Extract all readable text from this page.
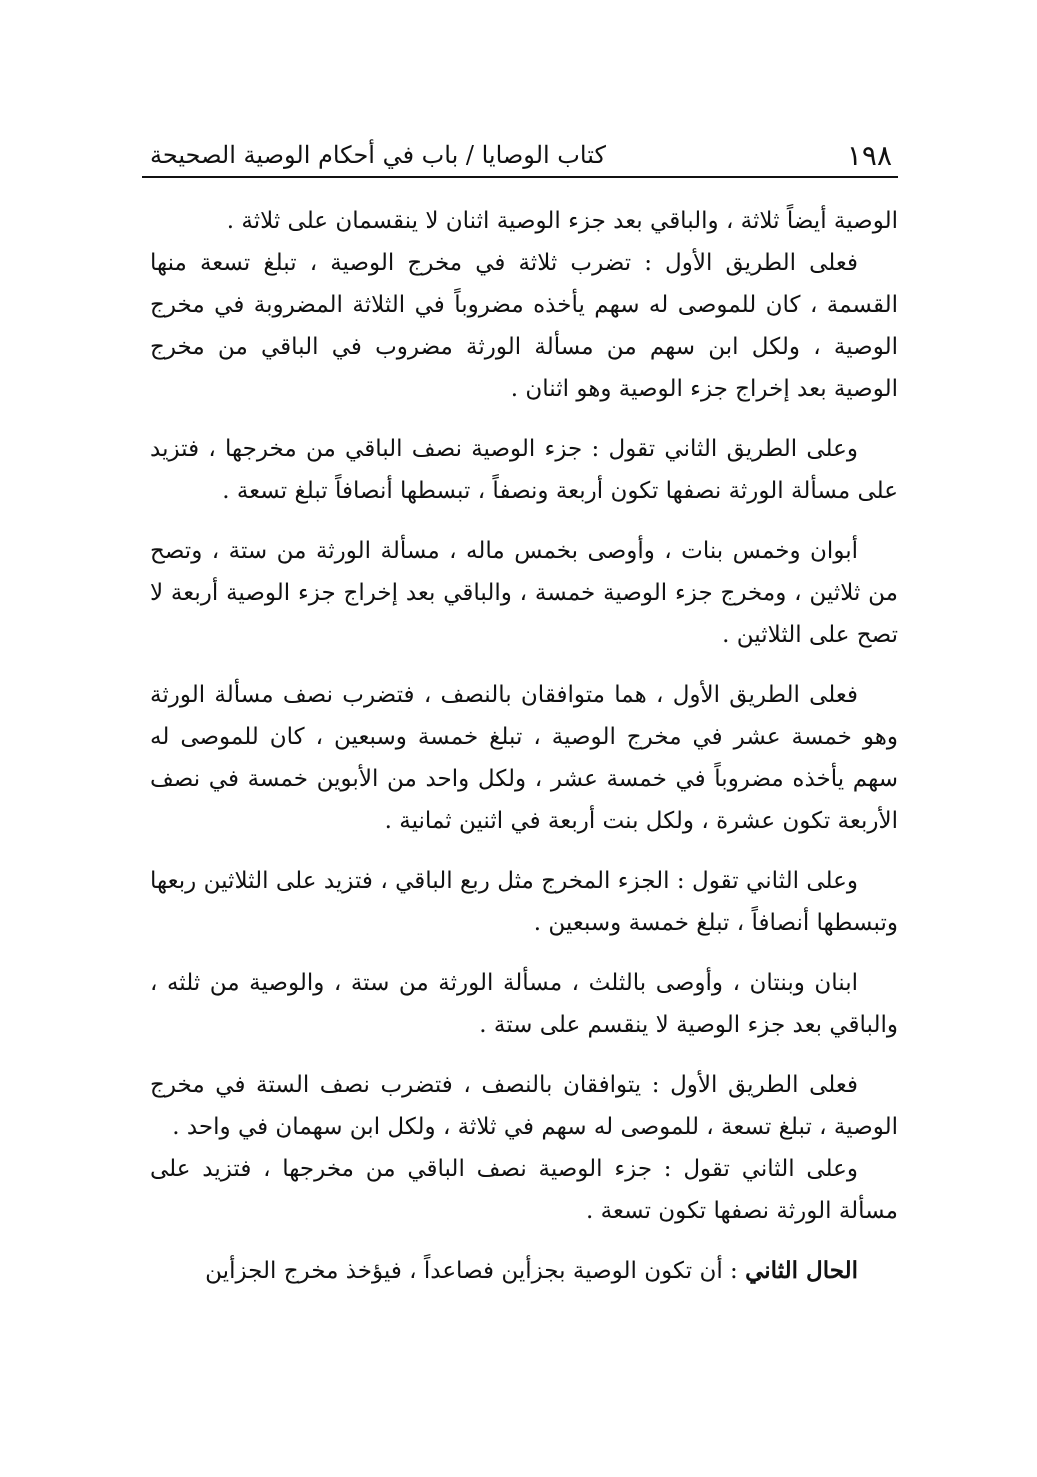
١٩٨
كتاب الوصايا / باب في أحكام الوصية الصحيحة

الوصية أيضاً ثلاثة ، والباقي بعد جزء الوصية اثنان لا ينقسمان على ثلاثة .

فعلى الطريق الأول : تضرب ثلاثة في مخرج الوصية ، تبلغ تسعة منها القسمة ، كان للموصى له سهم يأخذه مضروباً في الثلاثة المضروبة في مخرج الوصية ، ولكل ابن سهم من مسألة الورثة مضروب في الباقي من مخرج الوصية بعد إخراج جزء الوصية وهو اثنان .

وعلى الطريق الثاني تقول : جزء الوصية نصف الباقي من مخرجها ، فتزيد على مسألة الورثة نصفها تكون أربعة ونصفاً ، تبسطها أنصافاً تبلغ تسعة .

أبوان وخمس بنات ، وأوصى بخمس ماله ، مسألة الورثة من ستة ، وتصح من ثلاثين ، ومخرج جزء الوصية خمسة ، والباقي بعد إخراج جزء الوصية أربعة لا تصح على الثلاثين .

فعلى الطريق الأول ، هما متوافقان بالنصف ، فتضرب نصف مسألة الورثة وهو خمسة عشر في مخرج الوصية ، تبلغ خمسة وسبعين ، كان للموصى له سهم يأخذه مضروباً في خمسة عشر ، ولكل واحد من الأبوين خمسة في نصف الأربعة تكون عشرة ، ولكل بنت أربعة في اثنين ثمانية .

وعلى الثاني تقول : الجزء المخرج مثل ربع الباقي ، فتزيد على الثلاثين ربعها وتبسطها أنصافاً ، تبلغ خمسة وسبعين .

ابنان وبنتان ، وأوصى بالثلث ، مسألة الورثة من ستة ، والوصية من ثلثه ، والباقي بعد جزء الوصية لا ينقسم على ستة .

فعلى الطريق الأول : يتوافقان بالنصف ، فتضرب نصف الستة في مخرج الوصية ، تبلغ تسعة ، للموصى له سهم في ثلاثة ، ولكل ابن سهمان في واحد .

وعلى الثاني تقول : جزء الوصية نصف الباقي من مخرجها ، فتزيد على مسألة الورثة نصفها تكون تسعة .

الحال الثاني : أن تكون الوصية بجزأين فصاعداً ، فيؤخذ مخرج الجزأين
